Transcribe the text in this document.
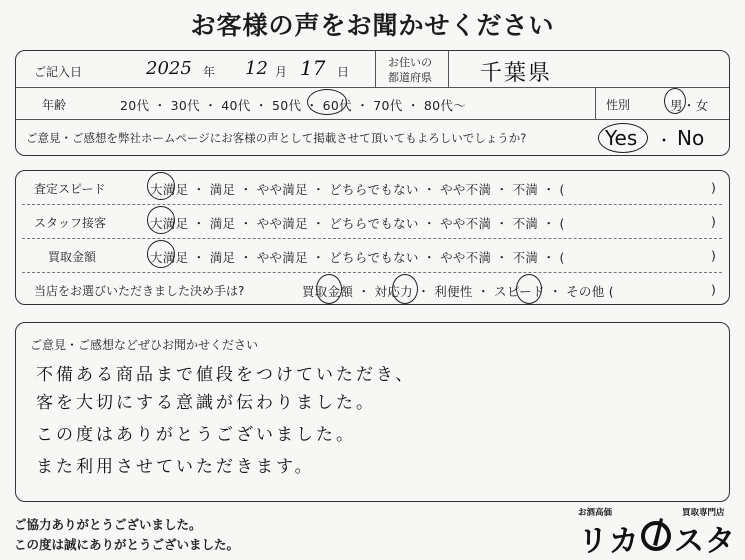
お客様の声をお聞かせください
ご記入日	2025 年 12 月 17 日
お住いの
都道府県 千葉県
年齢	20代 ・ 30代 ・ 40代 ・ 50代 ・ 60代 ・ 70代 ・ 80代〜	性別	男・女
ご意見・ご感想を弊社ホームページにお客様の声として掲載させて頂いてもよろしいでしょうか?	Yes ・ No
査定スピード	大満足 ・ 満足 ・ やや満足 ・ どちらでもない ・ やや不満 ・ 不満 ・ (	)
スタッフ接客	大満足 ・ 満足 ・ やや満足 ・ どちらでもない ・ やや不満 ・ 不満 ・ (	)
買取金額	大満足 ・ 満足 ・ やや満足 ・ どちらでもない ・ やや不満 ・ 不満 ・ (	)
当店をお選びいただきました決め手は?	買取金額 ・ 対応力 ・ 利便性 ・ スピード ・ その他 (	)
ご意見・ご感想などぜひお聞かせください
不備ある商品まで値段をつけていただき、
客を大切にする意識が伝わりました。
この度はありがとうございました。
また利用させていただきます。
ご協力ありがとうございました。
この度は誠にありがとうございました。
お酒高価	買取専門店
リカ スタ
